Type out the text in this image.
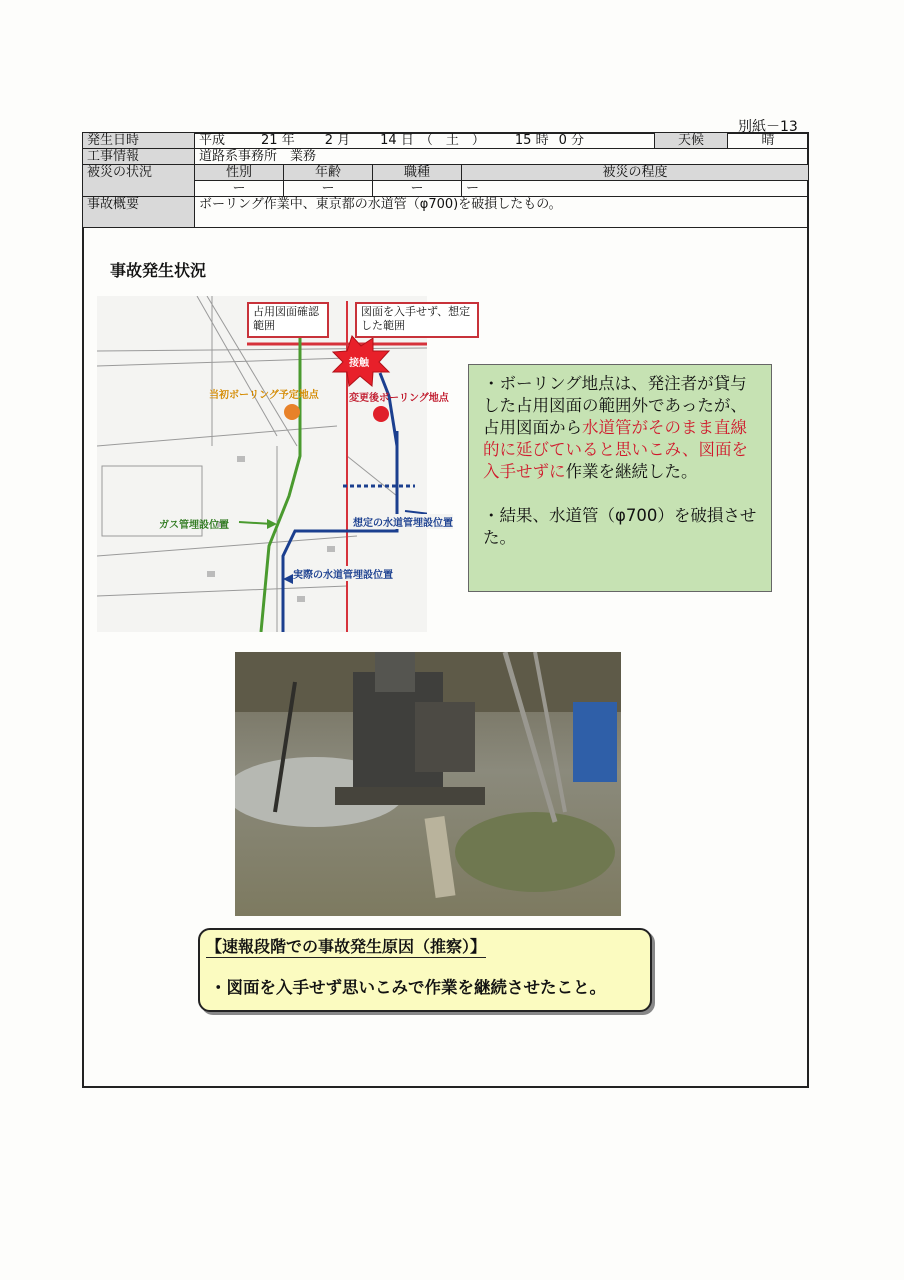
別紙－13
発生日時	平成 21 年 2 月 14 日 （　土　） 15 時 0 分				天候	晴
工事情報	道路系事務所　業務					
被災の状況	性別	年齢	職種	被災の程度		
	ー	ー	ー	ー		
事故概要	ボーリング作業中、東京都の水道管（φ700)を破損したもの。					
事故発生状況
占用図面確認範囲
図面を入手せず、想定した範囲
接触
当初ボーリング予定地点	変更後ボーリング地点
ガス管埋設位置	想定の水道管埋設位置
実際の水道管埋設位置

・ボーリング地点は、発注者が貸与した占用図面の範囲外であったが、占用図面から水道管がそのまま直線的に延びていると思いこみ、図面を入手せずに作業を継続した。

・結果、水道管（φ700）を破損させた。

【速報段階での事故発生原因（推察）】
・図面を入手せず思いこみで作業を継続させたこと。
